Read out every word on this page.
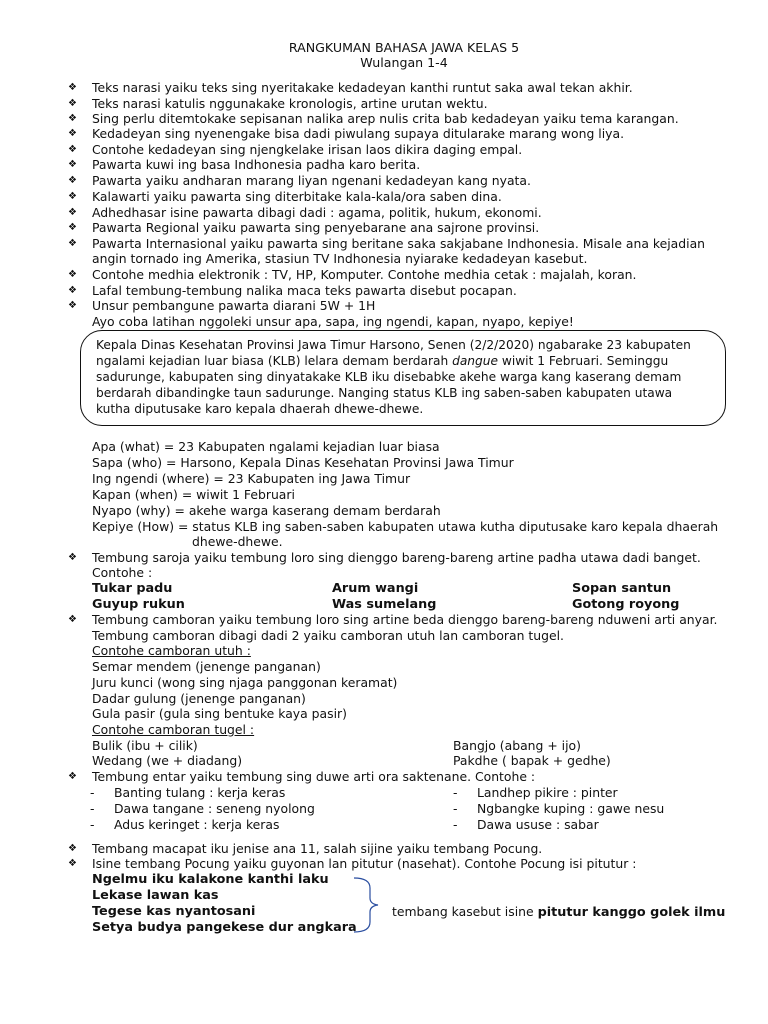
RANGKUMAN BAHASA JAWA KELAS 5
Wulangan 1-4
❖ Teks narasi yaiku teks sing nyeritakake kedadeyan kanthi runtut saka awal tekan akhir.
❖ Teks narasi katulis nggunakake kronologis, artine urutan wektu.
❖ Sing perlu ditemtokake sepisanan nalika arep nulis crita bab kedadeyan yaiku tema karangan.
❖ Kedadeyan sing nyenengake bisa dadi piwulang supaya ditularake marang wong liya.
❖ Contohe kedadeyan sing njengkelake irisan laos dikira daging empal.
❖ Pawarta kuwi ing basa Indhonesia padha karo berita.
❖ Pawarta yaiku andharan marang liyan ngenani kedadeyan kang nyata.
❖ Kalawarti yaiku pawarta sing diterbitake kala-kala/ora saben dina.
❖ Adhedhasar isine pawarta dibagi dadi : agama, politik, hukum, ekonomi.
❖ Pawarta Regional yaiku pawarta sing penyebarane ana sajrone provinsi.
❖ Pawarta Internasional yaiku pawarta sing beritane saka sakjabane Indhonesia. Misale ana kejadian
angin tornado ing Amerika, stasiun TV Indhonesia nyiarake kedadeyan kasebut.
❖ Contohe medhia elektronik : TV, HP, Komputer. Contohe medhia cetak : majalah, koran.
❖ Lafal tembung-tembung nalika maca teks pawarta disebut pocapan.
❖ Unsur pembangune pawarta diarani 5W + 1H
Ayo coba latihan nggoleki unsur apa, sapa, ing ngendi, kapan, nyapo, kepiye!
Kepala Dinas Kesehatan Provinsi Jawa Timur Harsono, Senen (2/2/2020) ngabarake 23 kabupaten
ngalami kejadian luar biasa (KLB) lelara demam berdarah dangue wiwit 1 Februari. Seminggu
sadurunge, kabupaten sing dinyatakake KLB iku disebabke akehe warga kang kaserang demam
berdarah dibandingke taun sadurunge. Nanging status KLB ing saben-saben kabupaten utawa
kutha diputusake karo kepala dhaerah dhewe-dhewe.
Apa (what) = 23 Kabupaten ngalami kejadian luar biasa
Sapa (who) = Harsono, Kepala Dinas Kesehatan Provinsi Jawa Timur
Ing ngendi (where) = 23 Kabupaten ing Jawa Timur
Kapan (when) = wiwit 1 Februari
Nyapo (why) = akehe warga kaserang demam berdarah
Kepiye (How) = status KLB ing saben-saben kabupaten utawa kutha diputusake karo kepala dhaerah
dhewe-dhewe.
❖ Tembung saroja yaiku tembung loro sing dienggo bareng-bareng artine padha utawa dadi banget.
Contohe :
Tukar padu	Arum wangi	Sopan santun
Guyup rukun	Was sumelang	Gotong royong
❖ Tembung camboran yaiku tembung loro sing artine beda dienggo bareng-bareng nduweni arti anyar.
Tembung camboran dibagi dadi 2 yaiku camboran utuh lan camboran tugel.
Contohe camboran utuh :
Semar mendem (jenenge panganan)
Juru kunci (wong sing njaga panggonan keramat)
Dadar gulung (jenenge panganan)
Gula pasir (gula sing bentuke kaya pasir)
Contohe camboran tugel :
Bulik (ibu + cilik)	Bangjo (abang + ijo)
Wedang (we + diadang)	Pakdhe ( bapak + gedhe)
❖ Tembung entar yaiku tembung sing duwe arti ora saktenane. Contohe :
- Banting tulang : kerja keras	- Landhep pikire : pinter
- Dawa tangane : seneng nyolong	- Ngbangke kuping : gawe nesu
- Adus keringet : kerja keras	- Dawa ususe : sabar
❖ Tembang macapat iku jenise ana 11, salah sijine yaiku tembang Pocung.
❖ Isine tembang Pocung yaiku guyonan lan pitutur (nasehat). Contohe Pocung isi pitutur :
Ngelmu iku kalakone kanthi laku
Lekase lawan kas
Tegese kas nyantosani
Setya budya pangekese dur angkara
tembang kasebut isine pitutur kanggo golek ilmu
